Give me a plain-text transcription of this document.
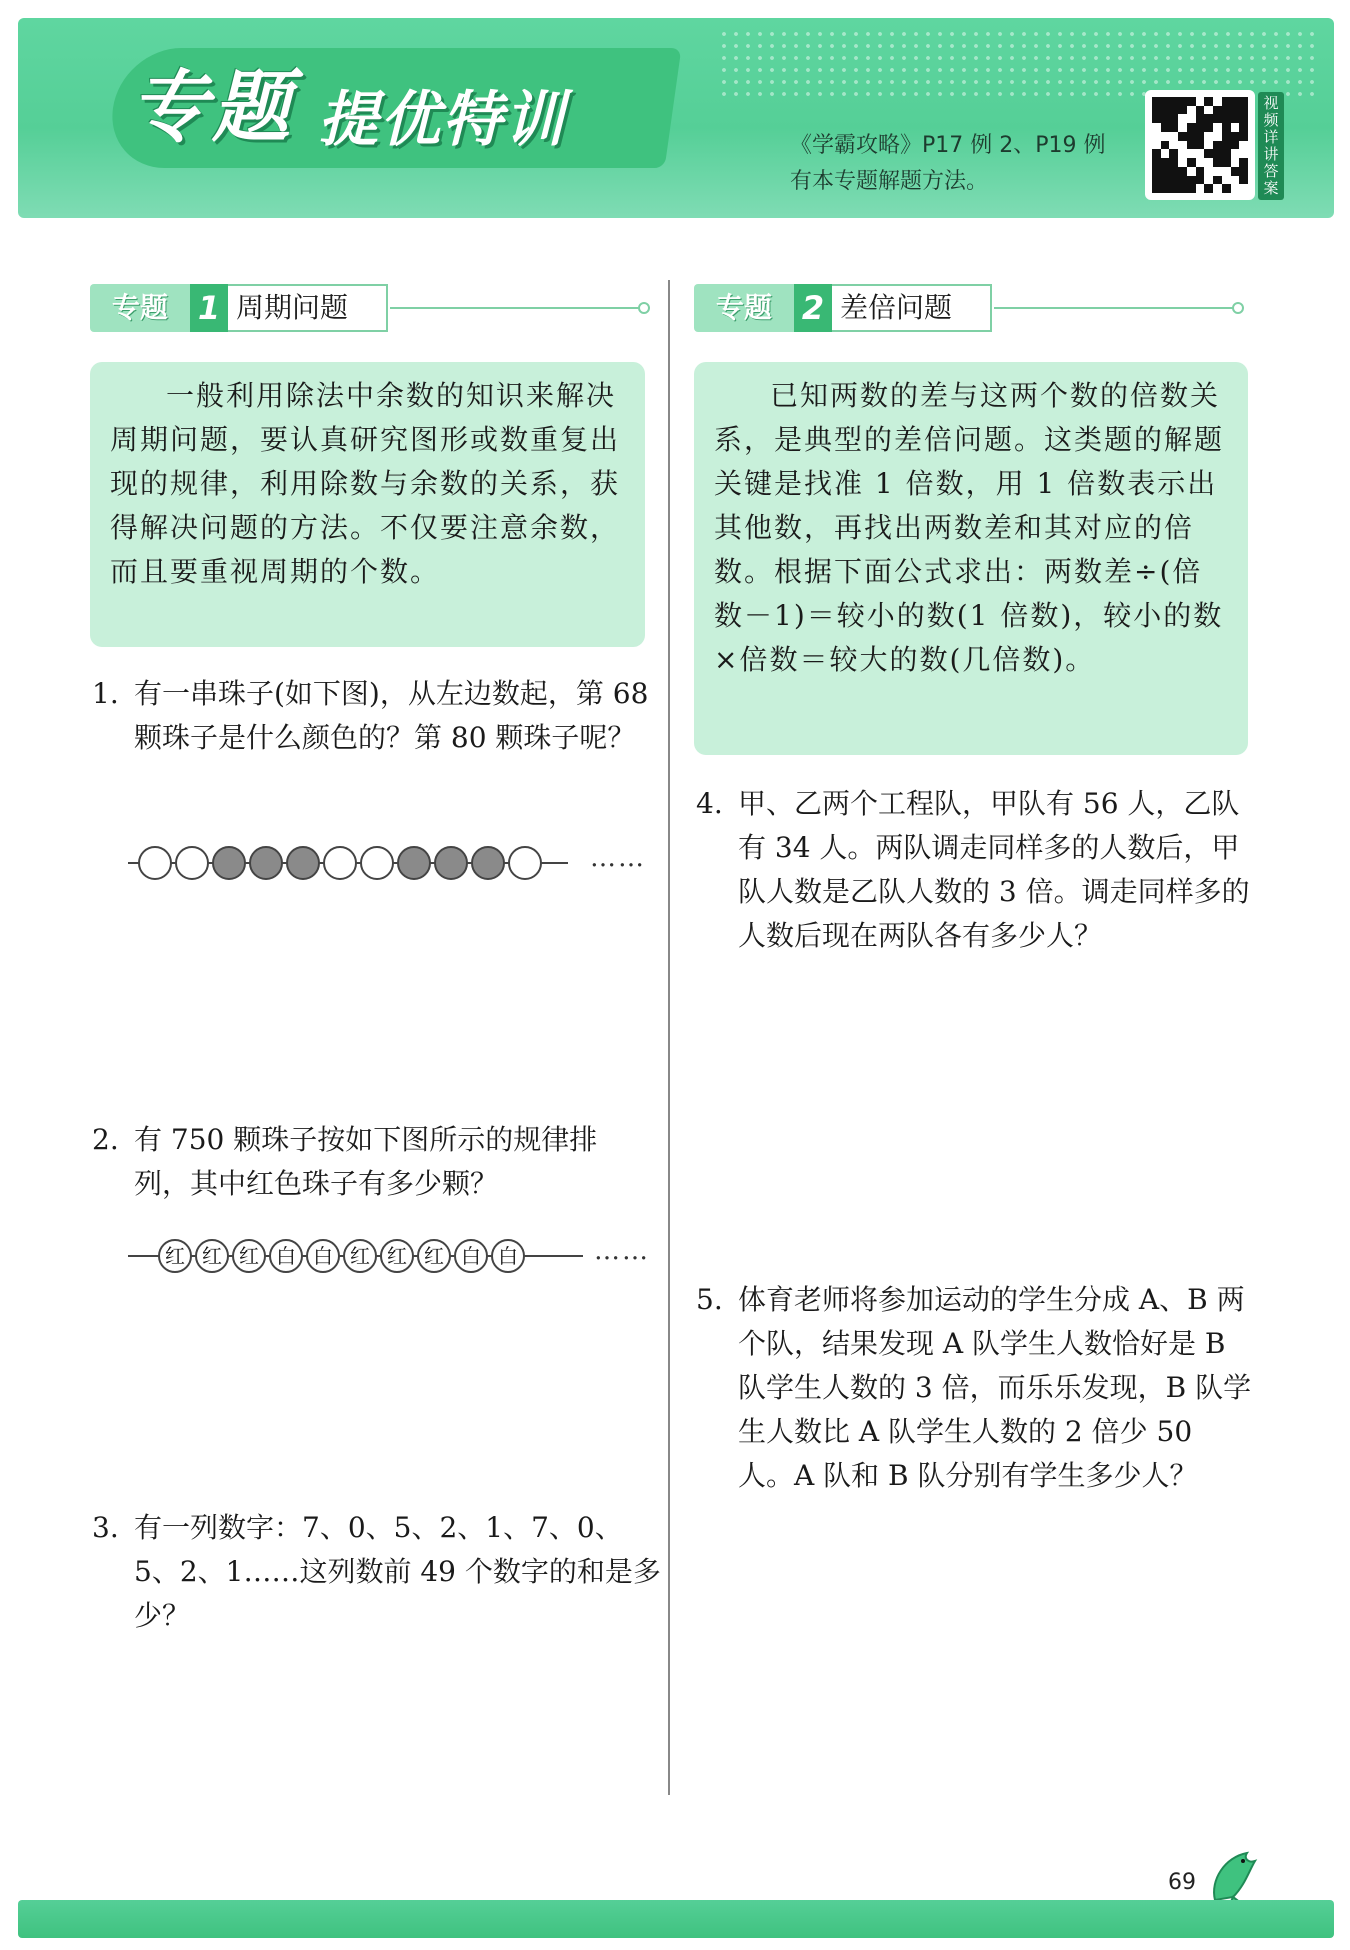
专题 提优特训	《学霸攻略》P17 例 2、P19 例
有本专题解题方法。
视频详讲答案
专题 1 周期问题

一般利用除法中余数的知识来解决周期问题，要认真研究图形或数重复出现的规律，利用除数与余数的关系，获得解决问题的方法。不仅要注意余数，而且要重视周期的个数。

1. 有一串珠子(如下图)，从左边数起，第 68 颗珠子是什么颜色的？第 80 颗珠子呢？
……
2. 有 750 颗珠子按如下图所示的规律排列，其中红色珠子有多少颗？
红 红 红 白 白 红 红 红 白 白	……
3. 有一列数字：7、0、5、2、1、7、0、5、2、1……这列数前 49 个数字的和是多少？
专题 2 差倍问题

已知两数的差与这两个数的倍数关系，是典型的差倍问题。这类题的解题关键是找准 1 倍数，用 1 倍数表示出其他数，再找出两数差和其对应的倍数。根据下面公式求出：两数差÷(倍数－1)＝较小的数(1 倍数)，较小的数×倍数＝较大的数(几倍数)。

4. 甲、乙两个工程队，甲队有 56 人，乙队有 34 人。两队调走同样多的人数后，甲队人数是乙队人数的 3 倍。调走同样多的人数后现在两队各有多少人？
5. 体育老师将参加运动的学生分成 A、B 两个队，结果发现 A 队学生人数恰好是 B 队学生人数的 3 倍，而乐乐发现，B 队学生人数比 A 队学生人数的 2 倍少 50 人。A 队和 B 队分别有学生多少人？
69
